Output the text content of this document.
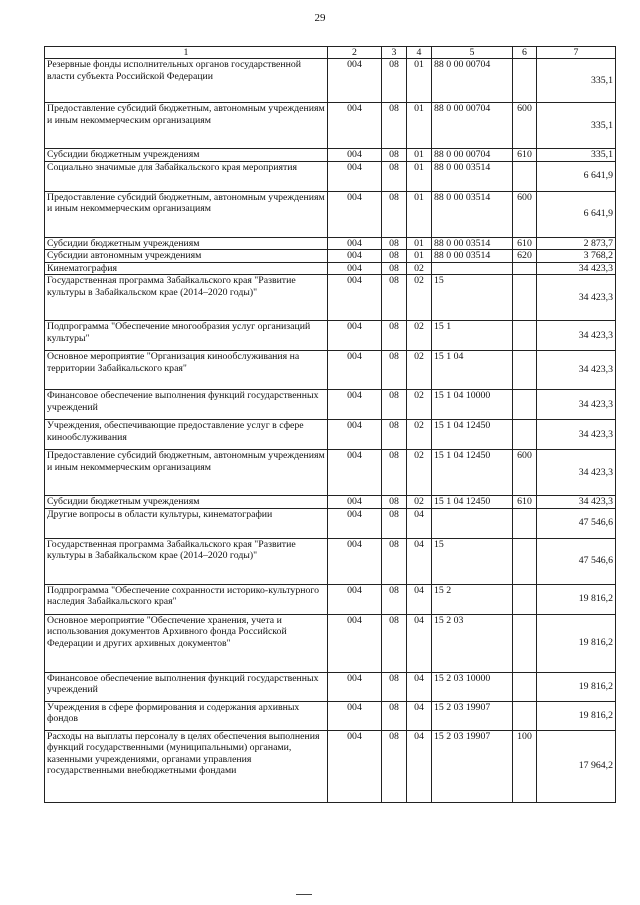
29
1	2	3	4	5	6	7
Резервные фонды исполнительных органов государственной власти субъекта Российской Федерации	004	08	01	88 0 00 00704		335,1
Предоставление субсидий бюджетным, автономным учреждениям и иным некоммерческим организациям	004	08	01	88 0 00 00704	600	335,1
Субсидии бюджетным учреждениям	004	08	01	88 0 00 00704	610	335,1
Социально значимые для Забайкальского края мероприятия	004	08	01	88 0 00 03514		6 641,9
Предоставление субсидий бюджетным, автономным учреждениям и иным некоммерческим организациям	004	08	01	88 0 00 03514	600	6 641,9
Субсидии бюджетным учреждениям	004	08	01	88 0 00 03514	610	2 873,7
Субсидии автономным учреждениям	004	08	01	88 0 00 03514	620	3 768,2
Кинематография	004	08	02			34 423,3
Государственная программа Забайкальского края "Развитие культуры в Забайкальском крае (2014–2020 годы)"	004	08	02	15		34 423,3
Подпрограмма "Обеспечение многообразия услуг организаций культуры"	004	08	02	15 1		34 423,3
Основное мероприятие "Организация кинообслуживания на территории Забайкальского края"	004	08	02	15 1 04		34 423,3
Финансовое обеспечение выполнения функций государственных учреждений	004	08	02	15 1 04 10000		34 423,3
Учреждения, обеспечивающие предоставление услуг в сфере кинообслуживания	004	08	02	15 1 04 12450		34 423,3
Предоставление субсидий бюджетным, автономным учреждениям и иным некоммерческим организациям	004	08	02	15 1 04 12450	600	34 423,3
Субсидии бюджетным учреждениям	004	08	02	15 1 04 12450	610	34 423,3
Другие вопросы в области культуры, кинематографии	004	08	04			47 546,6
Государственная программа Забайкальского края "Развитие культуры в Забайкальском крае (2014–2020 годы)"	004	08	04	15		47 546,6
Подпрограмма "Обеспечение сохранности историко-культурного наследия Забайкальского края"	004	08	04	15 2		19 816,2
Основное мероприятие "Обеспечение хранения, учета и использования документов Архивного фонда Российской Федерации и других архивных документов"	004	08	04	15 2 03		19 816,2
Финансовое обеспечение выполнения функций государственных учреждений	004	08	04	15 2 03 10000		19 816,2
Учреждения в сфере формирования и содержания архивных фондов	004	08	04	15 2 03 19907		19 816,2
Расходы на выплаты персоналу в целях обеспечения выполнения функций государственными (муниципальными) органами, казенными учреждениями, органами управления государственными внебюджетными фондами	004	08	04	15 2 03 19907	100	17 964,2
